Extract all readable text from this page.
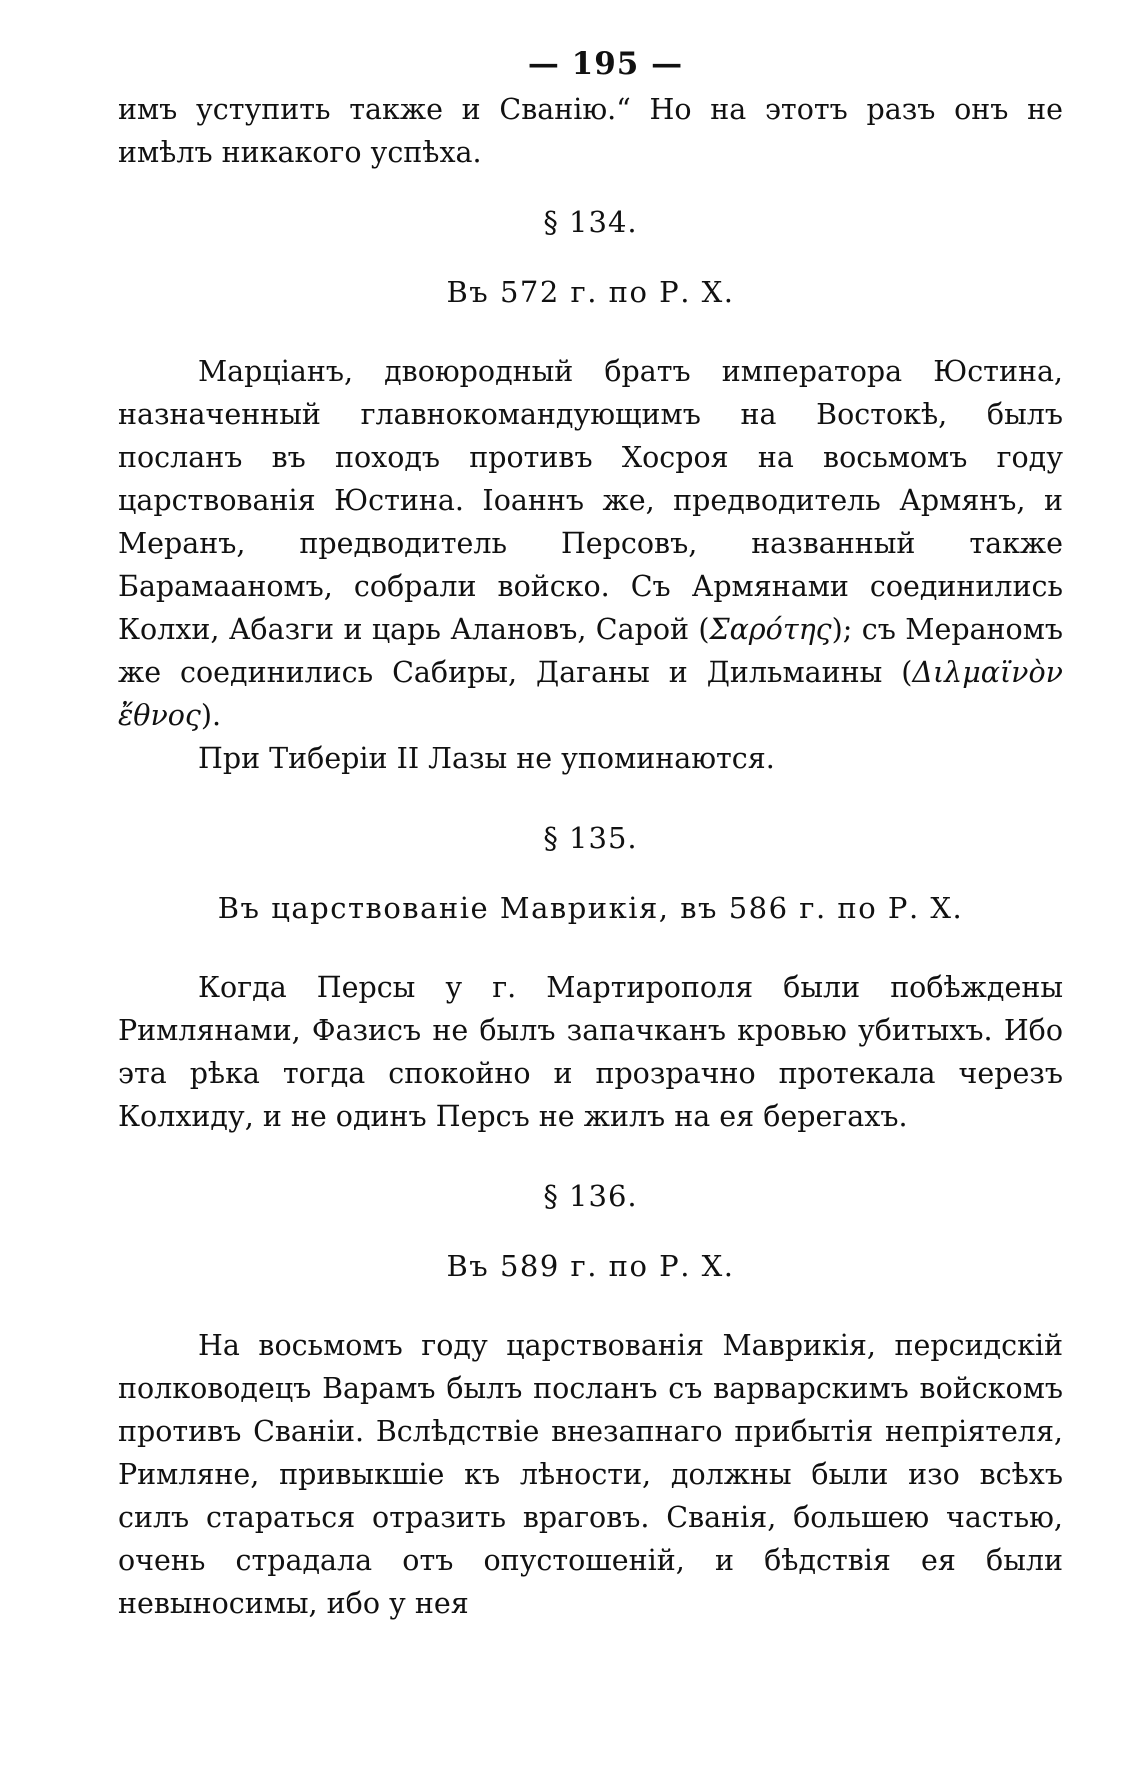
— 195 —

имъ уступить также и Сванію.“ Но на этотъ разъ онъ не имѣлъ никакого успѣха.

§ 134.
Въ 572 г. по Р. Х.

Марціанъ, двоюродный братъ императора Юстина, назначенный главнокомандующимъ на Востокѣ, былъ посланъ въ походъ противъ Хосроя на восьмомъ году царствованія Юстина. Іоаннъ же, предводитель Армянъ, и Меранъ, предводитель Персовъ, названный также Барамааномъ, собрали войско. Съ Армянами соединились Колхи, Абазги и царь Алановъ, Сарой (Σαρότης); съ Мераномъ же соединились Сабиры, Даганы и Дильмаины (Διλμαϊνὸν ἔθνος).

При Тиберіи II Лазы не упоминаются.

§ 135.
Въ царствованіе Маврикія, въ 586 г. по Р. Х.

Когда Персы у г. Мартирополя были побѣждены Римлянами, Фазисъ не былъ запачканъ кровью убитыхъ. Ибо эта рѣка тогда спокойно и прозрачно протекала черезъ Колхиду, и не одинъ Персъ не жилъ на ея берегахъ.

§ 136.
Въ 589 г. по Р. Х.

На восьмомъ году царствованія Маврикія, персидскій полководецъ Варамъ былъ посланъ съ варварскимъ войскомъ противъ Сваніи. Вслѣдствіе внезапнаго прибытія непріятеля, Римляне, привыкшіе къ лѣности, должны были изо всѣхъ силъ стараться отразить враговъ. Сванія, большею частью, очень страдала отъ опустошеній, и бѣдствія ея были невыносимы, ибо у нея
